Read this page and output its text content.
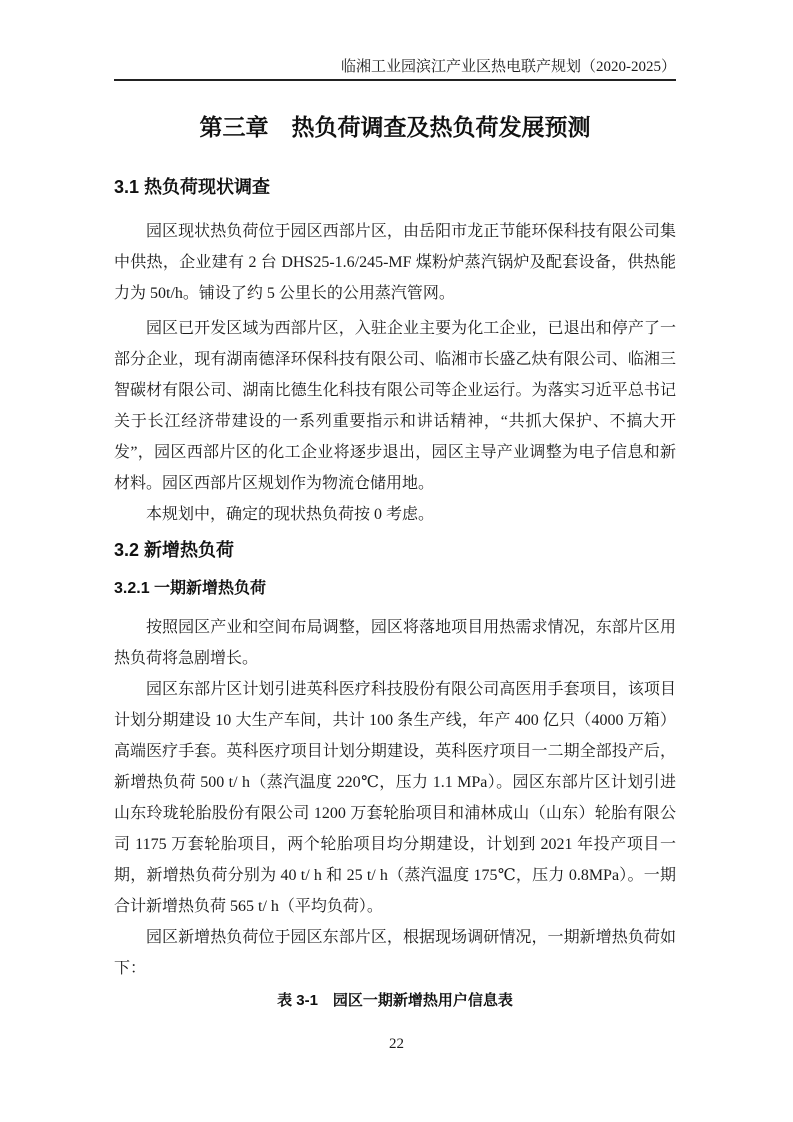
临湘工业园滨江产业区热电联产规划（2020-2025）
第三章　热负荷调查及热负荷发展预测
3.1 热负荷现状调查

园区现状热负荷位于园区西部片区，由岳阳市龙正节能环保科技有限公司集中供热，企业建有 2 台 DHS25-1.6/245-MF 煤粉炉蒸汽锅炉及配套设备，供热能力为 50t/h。铺设了约 5 公里长的公用蒸汽管网。

园区已开发区域为西部片区，入驻企业主要为化工企业，已退出和停产了一部分企业，现有湖南德泽环保科技有限公司、临湘市长盛乙炔有限公司、临湘三智碳材有限公司、湖南比德生化科技有限公司等企业运行。为落实习近平总书记关于长江经济带建设的一系列重要指示和讲话精神，“共抓大保护、不搞大开发”，园区西部片区的化工企业将逐步退出，园区主导产业调整为电子信息和新材料。园区西部片区规划作为物流仓储用地。

本规划中，确定的现状热负荷按 0 考虑。

3.2 新增热负荷
3.2.1 一期新增热负荷

按照园区产业和空间布局调整，园区将落地项目用热需求情况，东部片区用热负荷将急剧增长。

园区东部片区计划引进英科医疗科技股份有限公司高医用手套项目，该项目计划分期建设 10 大生产车间，共计 100 条生产线，年产 400 亿只（4000 万箱）高端医疗手套。英科医疗项目计划分期建设，英科医疗项目一二期全部投产后，新增热负荷 500 t/ h（蒸汽温度 220℃，压力 1.1 MPa）。园区东部片区计划引进山东玲珑轮胎股份有限公司 1200 万套轮胎项目和浦林成山（山东）轮胎有限公司 1175 万套轮胎项目，两个轮胎项目均分期建设，计划到 2021 年投产项目一期，新增热负荷分别为 40 t/ h 和 25 t/ h（蒸汽温度 175℃，压力 0.8MPa）。一期合计新增热负荷 565 t/ h（平均负荷）。

园区新增热负荷位于园区东部片区，根据现场调研情况，一期新增热负荷如下：

表 3-1　园区一期新增热用户信息表
22
